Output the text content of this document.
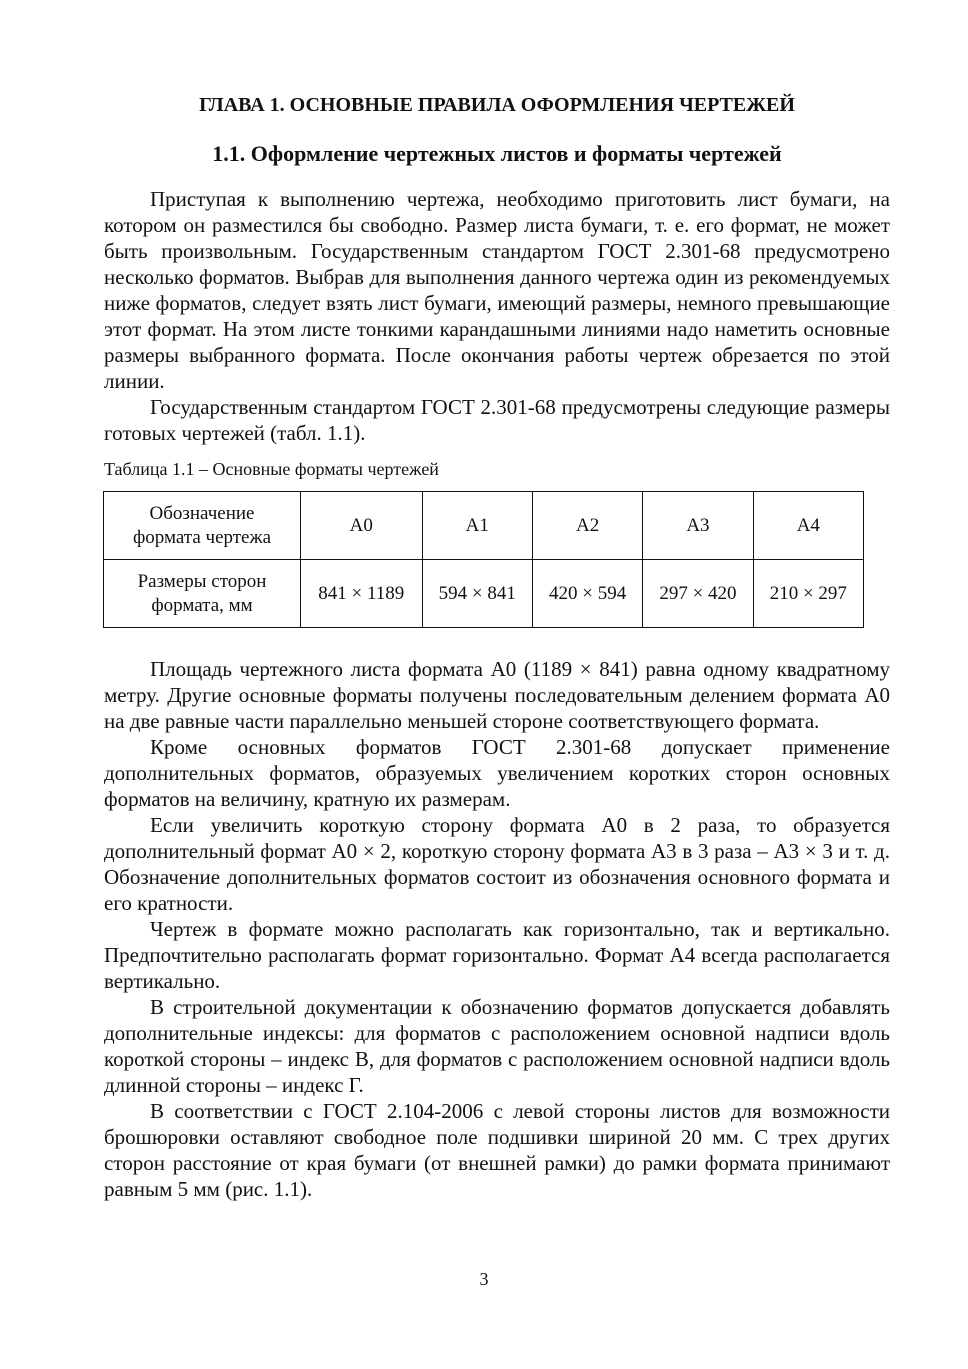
ГЛАВА 1. ОСНОВНЫЕ ПРАВИЛА ОФОРМЛЕНИЯ ЧЕРТЕЖЕЙ
1.1. Оформление чертежных листов и форматы чертежей

Приступая к выполнению чертежа, необходимо приготовить лист бумаги, на котором он разместился бы свободно. Размер листа бумаги, т. е. его формат, не может быть произвольным. Государственным стандартом ГОСТ 2.301-68 предусмотрено несколько форматов. Выбрав для выполнения данного чертежа один из рекомендуемых ниже форматов, следует взять лист бумаги, имеющий размеры, немного превышающие этот формат. На этом листе тонкими карандашными линиями надо наметить основные размеры выбранного формата. После окончания работы чертеж обрезается по этой линии.

Государственным стандартом ГОСТ 2.301-68 предусмотрены следующие размеры готовых чертежей (табл. 1.1).

Таблица 1.1 – Основные форматы чертежей
Обозначение
формата чертежа	А0	А1	А2	А3	А4
Размеры сторон
формата, мм	841 × 1189	594 × 841	420 × 594	297 × 420	210 × 297

Площадь чертежного листа формата А0 (1189 × 841) равна одному квадратному метру. Другие основные форматы получены последовательным делением формата А0 на две равные части параллельно меньшей стороне соответствующего формата.

Кроме основных форматов ГОСТ 2.301-68 допускает применение дополнительных форматов, образуемых увеличением коротких сторон основных форматов на величину, кратную их размерам.

Если увеличить короткую сторону формата А0 в 2 раза, то образуется дополнительный формат А0 × 2, короткую сторону формата А3 в 3 раза – А3 × 3 и т. д. Обозначение дополнительных форматов состоит из обозначения основного формата и его кратности.

Чертеж в формате можно располагать как горизонтально, так и вертикально. Предпочтительно располагать формат горизонтально. Формат А4 всегда располагается вертикально.

В строительной документации к обозначению форматов допускается добавлять дополнительные индексы: для форматов с расположением основной надписи вдоль короткой стороны – индекс В, для форматов с расположением основной надписи вдоль длинной стороны – индекс Г.

В соответствии с ГОСТ 2.104-2006 с левой стороны листов для возможности брошюровки оставляют свободное поле подшивки шириной 20 мм. С трех других сторон расстояние от края бумаги (от внешней рамки) до рамки формата принимают равным 5 мм (рис. 1.1).

3
